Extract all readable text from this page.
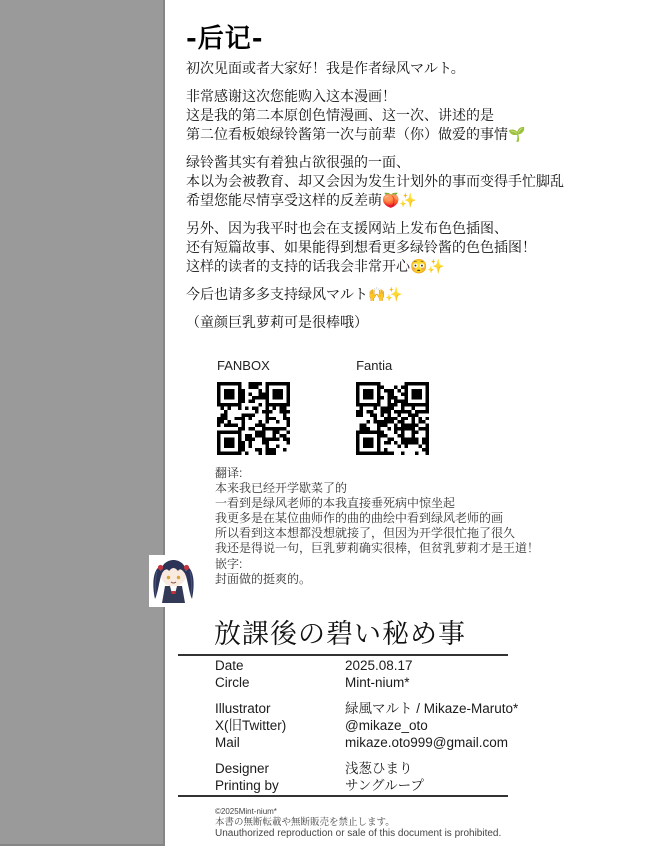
-后记-
初次见面或者大家好！我是作者绿风マルト。
非常感谢这次您能购入这本漫画！
这是我的第二本原创色情漫画、这一次、讲述的是
第二位看板娘绿铃酱第一次与前辈（你）做爱的事情🌱
绿铃酱其实有着独占欲很强的一面、
本以为会被教育、却又会因为发生计划外的事而变得手忙脚乱
希望您能尽情享受这样的反差萌🍑✨
另外、因为我平时也会在支援网站上发布色色插图、
还有短篇故事、如果能得到想看更多绿铃酱的色色插图！
这样的读者的支持的话我会非常开心😳✨
今后也请多多支持绿风マルト🙌✨
（童颜巨乳萝莉可是很棒哦）
FANBOX
	Fantia
翻译:
本来我已经开学歇菜了的
一看到是绿风老师的本我直接垂死病中惊坐起
我更多是在某位曲师作的曲的曲绘中看到绿风老师的画
所以看到这本想都没想就接了，但因为开学很忙拖了很久
我还是得说一句，巨乳萝莉确实很棒，但贫乳萝莉才是王道！
嵌字:
封面做的挺爽的。
放課後の碧い秘め事
Date	2025.08.17
Circle	Mint-nium*
Illustrator	緑風マルト / Mikaze-Maruto*
X(旧Twitter)	@mikaze_oto
Mail	mikaze.oto999@gmail.com
Designer	浅葱ひまり
Printing by	サングループ
©2025Mint-nium*
本書の無断転載や無断販売を禁止します。
Unauthorized reproduction or sale of this document is prohibited.
